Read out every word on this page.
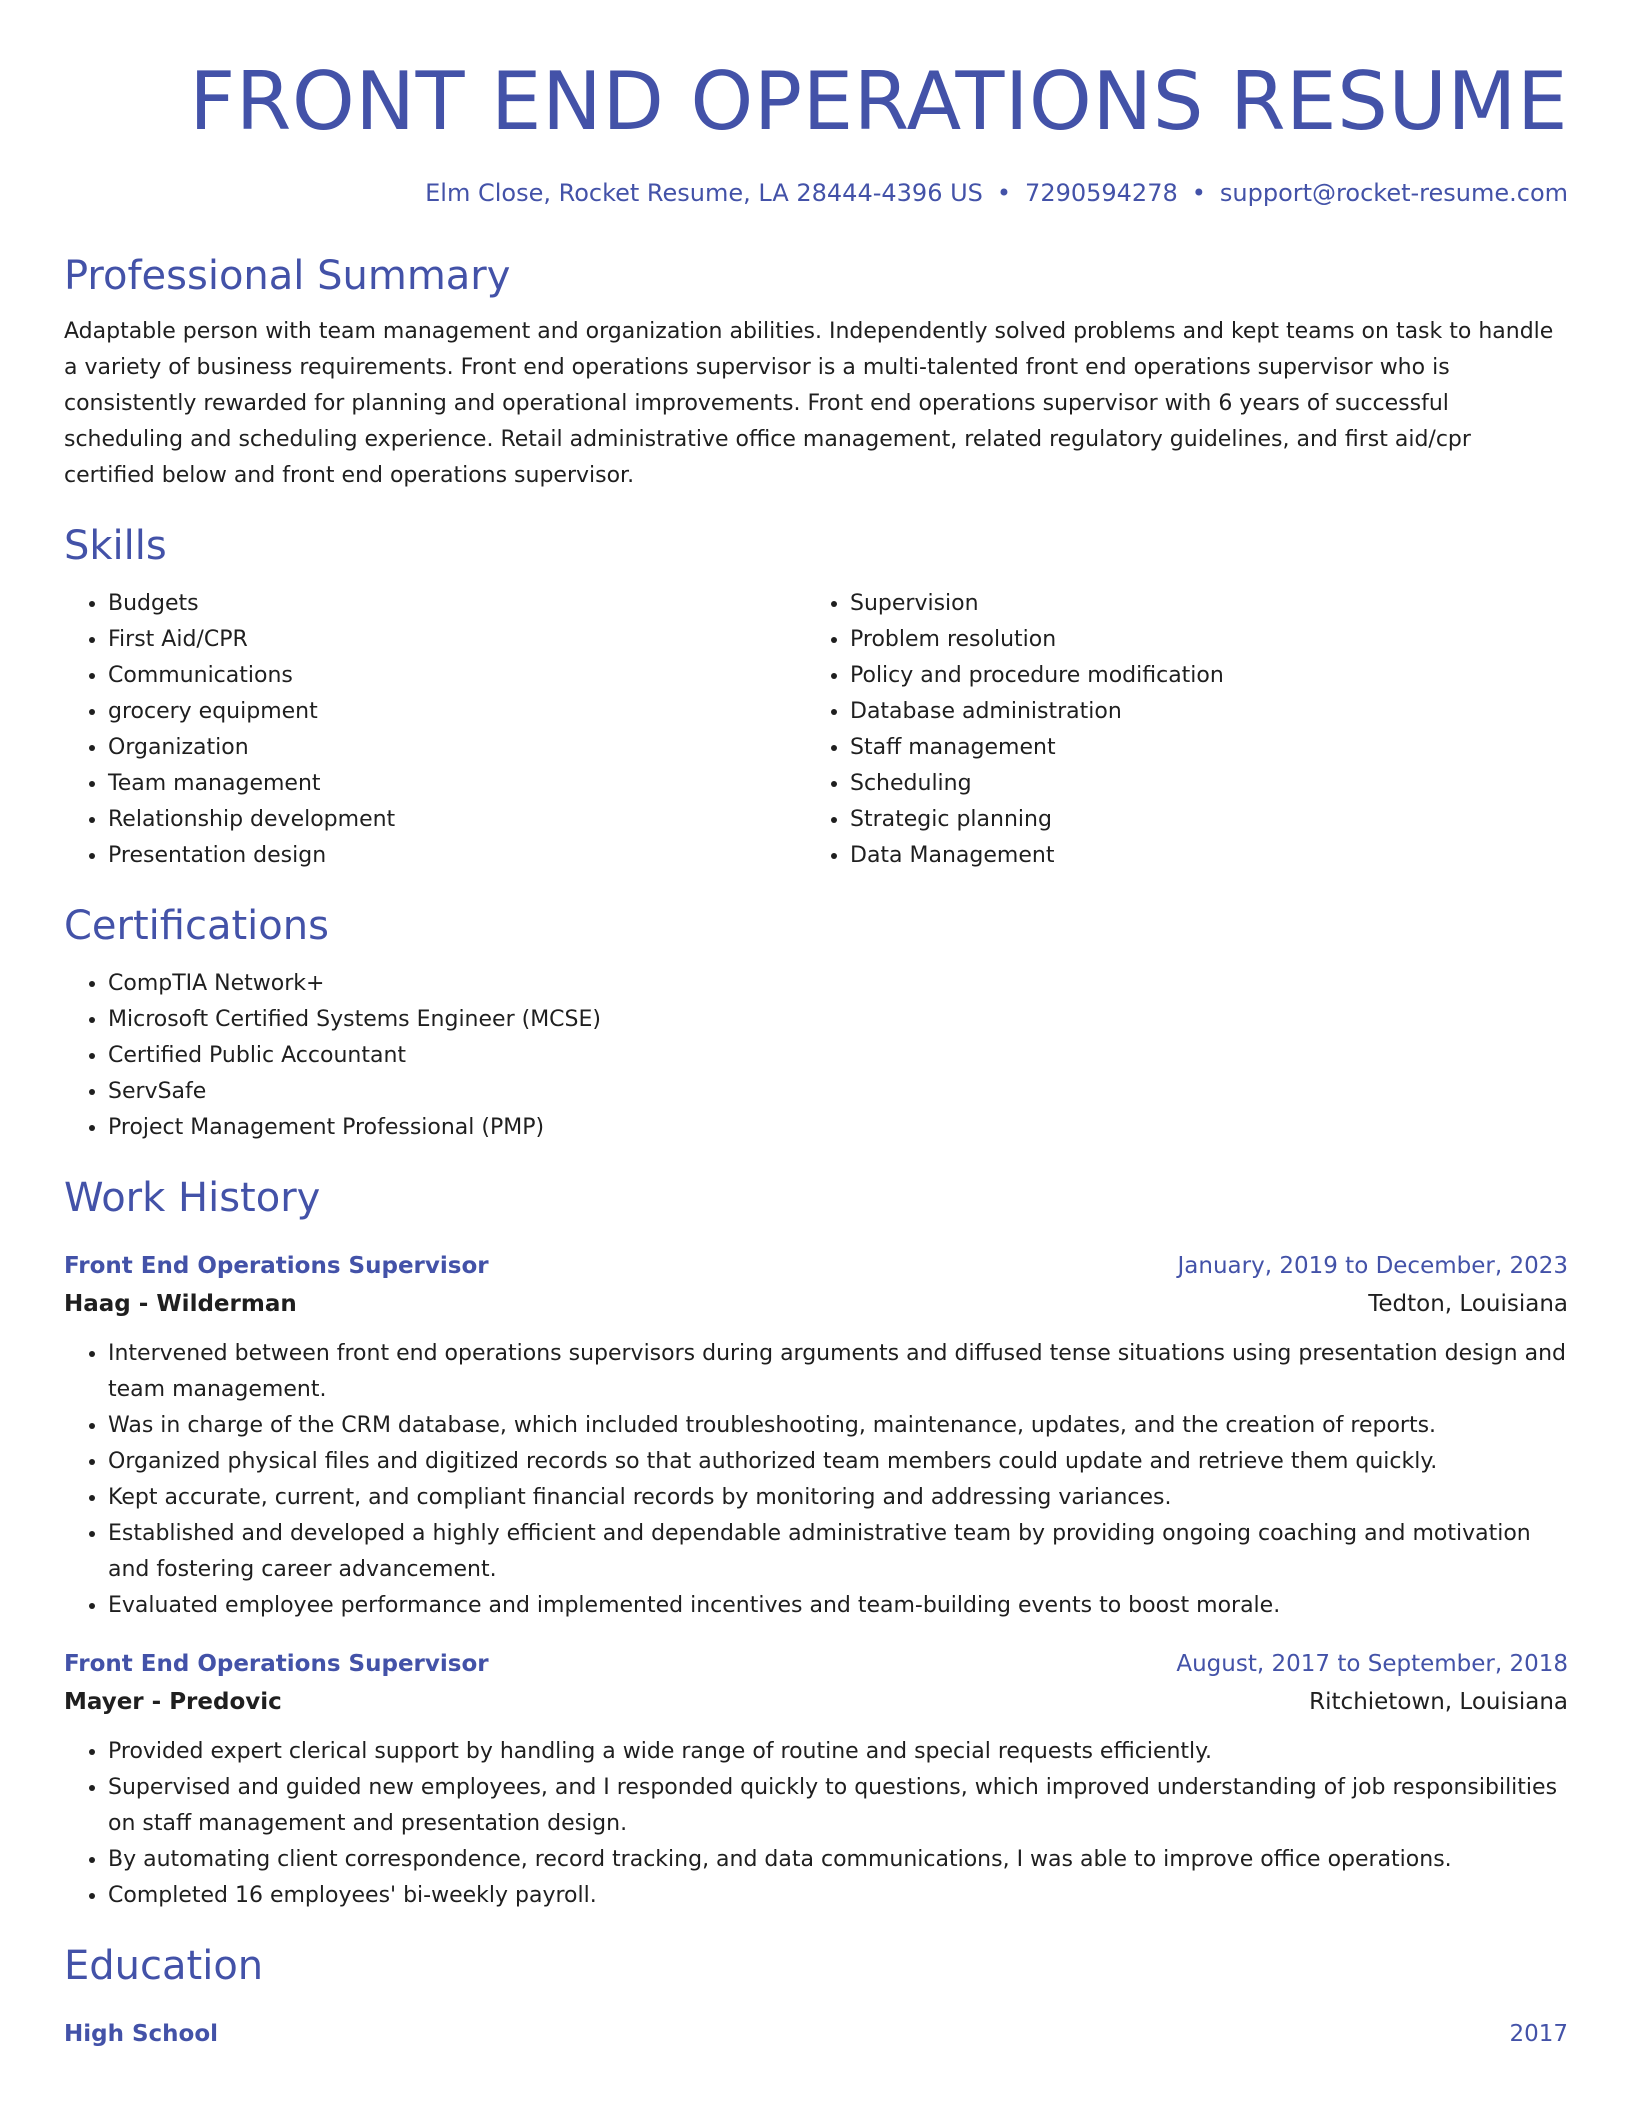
FRONT END OPERATIONS RESUME
Elm Close, Rocket Resume, LA 28444-4396 US • 7290594278 • support@rocket-resume.com
Professional Summary
Adaptable person with team management and organization abilities. Independently solved problems and kept teams on task to handle a variety of business requirements. Front end operations supervisor is a multi-talented front end operations supervisor who is consistently rewarded for planning and operational improvements. Front end operations supervisor with 6 years of successful scheduling and scheduling experience. Retail administrative office management, related regulatory guidelines, and first aid/cpr certified below and front end operations supervisor.
Skills
• Budgets
• First Aid/CPR
• Communications
• grocery equipment
• Organization
• Team management
• Relationship development
• Presentation design
• Supervision
• Problem resolution
• Policy and procedure modification
• Database administration
• Staff management
• Scheduling
• Strategic planning
• Data Management
Certifications
• CompTIA Network+
• Microsoft Certified Systems Engineer (MCSE)
• Certified Public Accountant
• ServSafe
• Project Management Professional (PMP)
Work History
Front End Operations Supervisor	January, 2019 to December, 2023
Haag - Wilderman	Tedton, Louisiana
• Intervened between front end operations supervisors during arguments and diffused tense situations using presentation design and team management.
• Was in charge of the CRM database, which included troubleshooting, maintenance, updates, and the creation of reports.
• Organized physical files and digitized records so that authorized team members could update and retrieve them quickly.
• Kept accurate, current, and compliant financial records by monitoring and addressing variances.
• Established and developed a highly efficient and dependable administrative team by providing ongoing coaching and motivation and fostering career advancement.
• Evaluated employee performance and implemented incentives and team-building events to boost morale.
Front End Operations Supervisor	August, 2017 to September, 2018
Mayer - Predovic	Ritchietown, Louisiana
• Provided expert clerical support by handling a wide range of routine and special requests efficiently.
• Supervised and guided new employees, and I responded quickly to questions, which improved understanding of job responsibilities on staff management and presentation design.
• By automating client correspondence, record tracking, and data communications, I was able to improve office operations.
• Completed 16 employees' bi-weekly payroll.
Education
High School	2017
